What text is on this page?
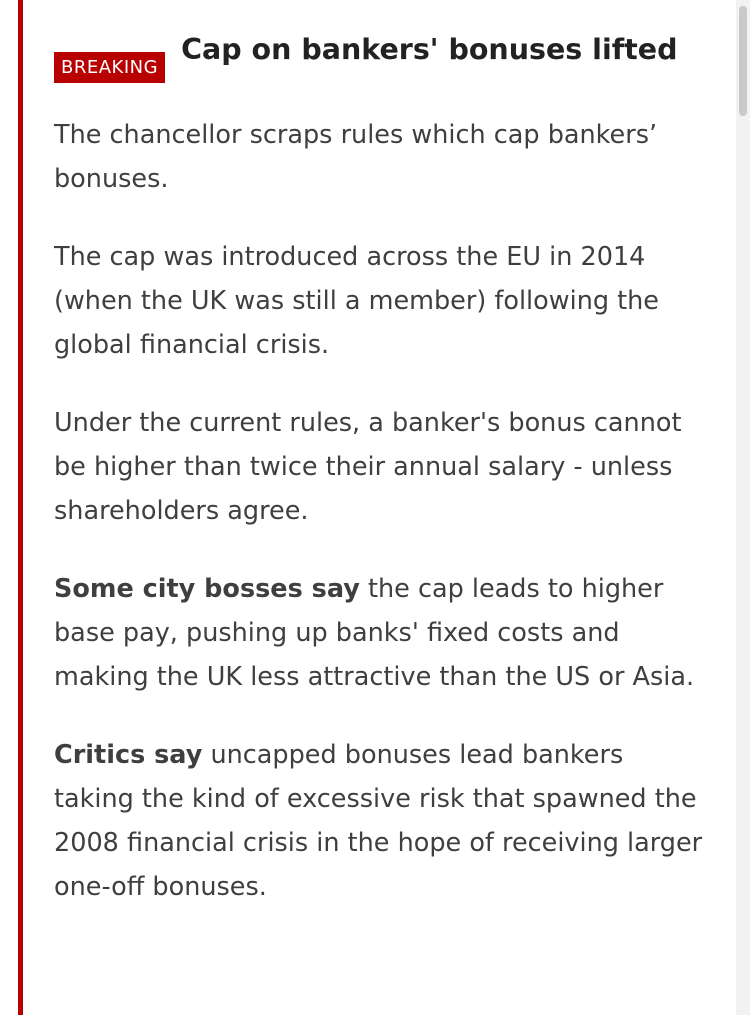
BREAKING
Cap on bankers' bonuses lifted

The chancellor scraps rules which cap bankers’ bonuses.

The cap was introduced across the EU in 2014 (when the UK was still a member) following the global financial crisis.

Under the current rules, a banker's bonus cannot be higher than twice their annual salary - unless shareholders agree.

Some city bosses say the cap leads to higher base pay, pushing up banks' fixed costs and making the UK less attractive than the US or Asia.

Critics say uncapped bonuses lead bankers taking the kind of excessive risk that spawned the 2008 financial crisis in the hope of receiving larger one-off bonuses.
